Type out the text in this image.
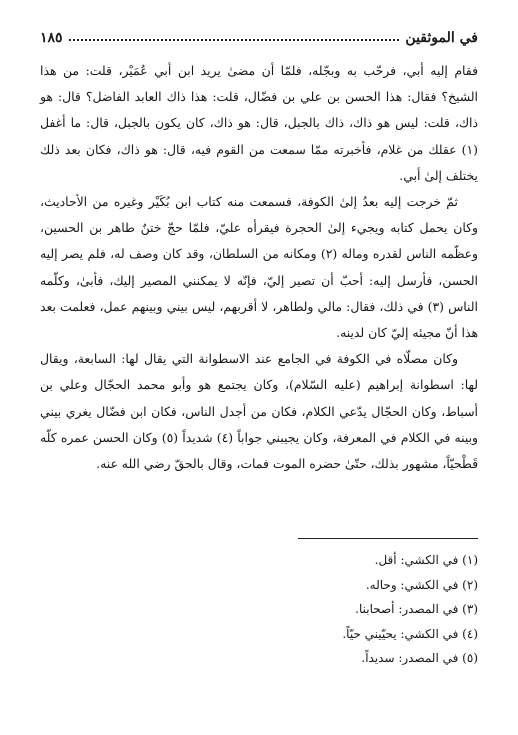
في الموثقين
١٨٥

فقام إليه أبي، فرحّب به وبجّله، فلمّا أن مضىٰ يريد ابن أبي عُمَيْر، قلت: من هذا الشيخ؟ فقال: هذا الحسن بن علي بن فضّال، قلت: هذا ذاك العابد الفاضل؟ قال: هو ذاك، قلت: ليس هو ذاك، ذاك بالجبل، قال: هو ذاك، كان يكون بالجبل، قال: ما أغفل (١) عقلك من غلام، فأخبرته ممّا سمعت من القوم فيه، قال: هو ذاك، فكان بعد ذلك يختلف إلىٰ أبي.

ثمّ خرجت إليه بعدُ إلىٰ الكوفة، فسمعت منه كتاب ابن بُكَيْر وغيره من الأحاديث، وكان يحمل كتابه ويجيء إلىٰ الحجرة فيقرأه عليّ، فلمّا حجّ ختنٌ طاهر بن الحسين، وعظّمه الناس لقدره وماله (٢) ومكانه من السلطان، وقد كان وصف له، فلم يصر إليه الحسن، فأرسل إليه: أحبّ أن تصير إليّ، فإنّه لا يمكنني المصير إليك، فأبىٰ، وكلّمه الناس (٣) في ذلك، فقال: مالي ولطاهر، لا أقربهم، ليس بيني وبينهم عمل، فعلمت بعد هذا أنّ مجيئه إليّ كان لدينه.

وكان مصلّاه في الكوفة في الجامع عند الاسطوانة التي يقال لها: السابعة، ويقال لها: اسطوانة إبراهيم (عليه السّلام)، وكان يجتمع هو وأبو محمد الحجّال وعلي بن أسباط، وكان الحجّال يدّعي الكلام، فكان من أجدل الناس، فكان ابن فضّال يغري بيني وبينه في الكلام في المعرفة، وكان يجيبني جواباً (٤) شديداً (٥) وكان الحسن عمره كلّه قَطْحيّاً، مشهور بذلك، حتّىٰ حضره الموت فمات، وقال بالحقّ رضي الله عنه.

(١) في الكشي: أقل.
(٢) في الكشي: وحاله.
(٣) في المصدر: أصحابنا.
(٤) في الكشي: يحيّيني حيّاً.
(٥) في المصدر: سديداً.
